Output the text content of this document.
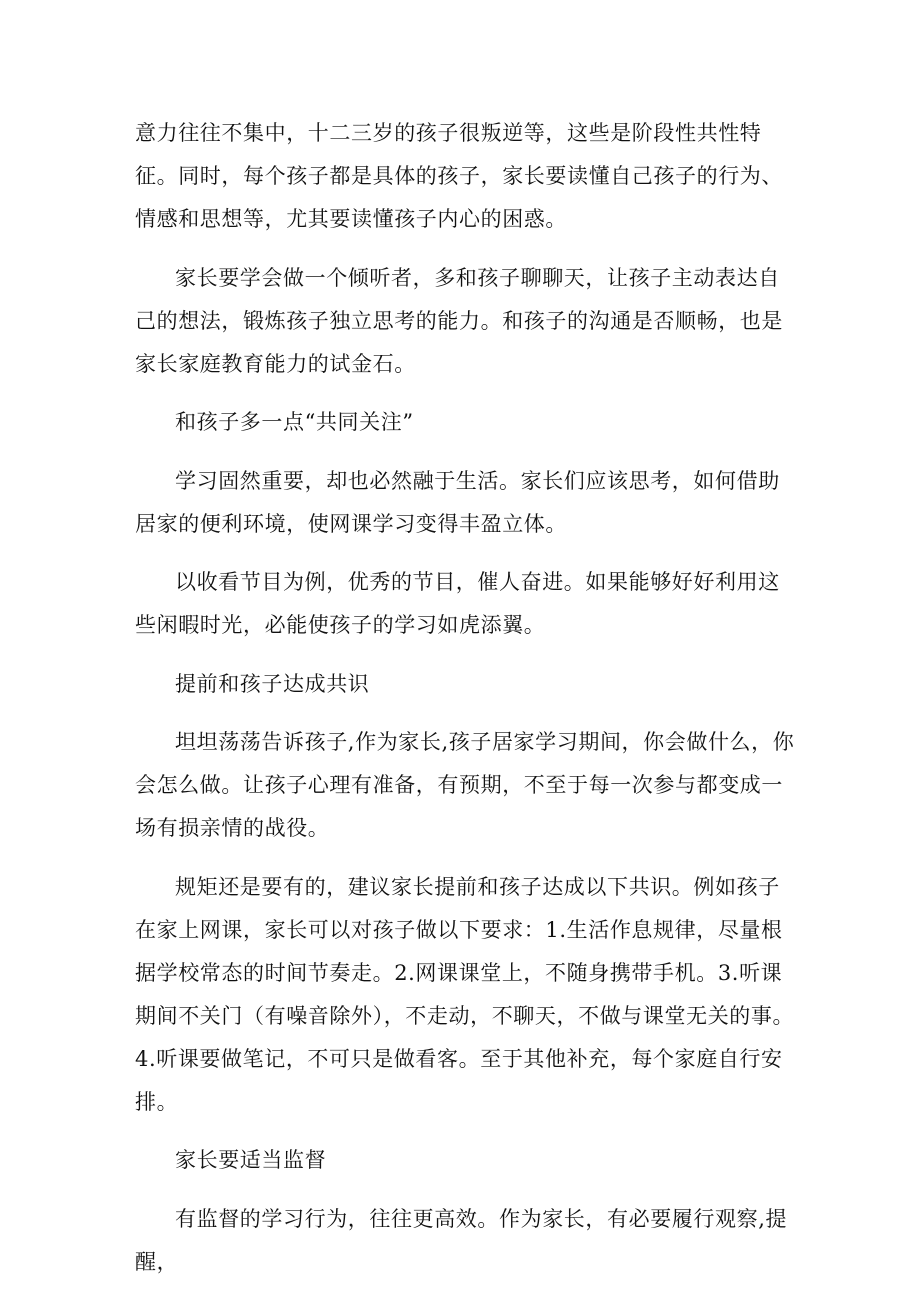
意力往往不集中，十二三岁的孩子很叛逆等，这些是阶段性共性特征。同时，每个孩子都是具体的孩子，家长要读懂自己孩子的行为、情感和思想等，尤其要读懂孩子内心的困惑。

家长要学会做一个倾听者，多和孩子聊聊天，让孩子主动表达自己的想法，锻炼孩子独立思考的能力。和孩子的沟通是否顺畅，也是家长家庭教育能力的试金石。

和孩子多一点“共同关注”

学习固然重要，却也必然融于生活。家长们应该思考，如何借助居家的便利环境，使网课学习变得丰盈立体。

以收看节目为例，优秀的节目，催人奋进。如果能够好好利用这些闲暇时光，必能使孩子的学习如虎添翼。

提前和孩子达成共识

坦坦荡荡告诉孩子,作为家长,孩子居家学习期间，你会做什么，你会怎么做。让孩子心理有准备，有预期，不至于每一次参与都变成一场有损亲情的战役。

规矩还是要有的，建议家长提前和孩子达成以下共识。例如孩子在家上网课，家长可以对孩子做以下要求：1.生活作息规律，尽量根据学校常态的时间节奏走。2.网课课堂上，不随身携带手机。3.听课期间不关门（有噪音除外），不走动，不聊天，不做与课堂无关的事。4.听课要做笔记，不可只是做看客。至于其他补充，每个家庭自行安排。

家长要适当监督

有监督的学习行为，往往更高效。作为家长，有必要履行观察,提醒，
